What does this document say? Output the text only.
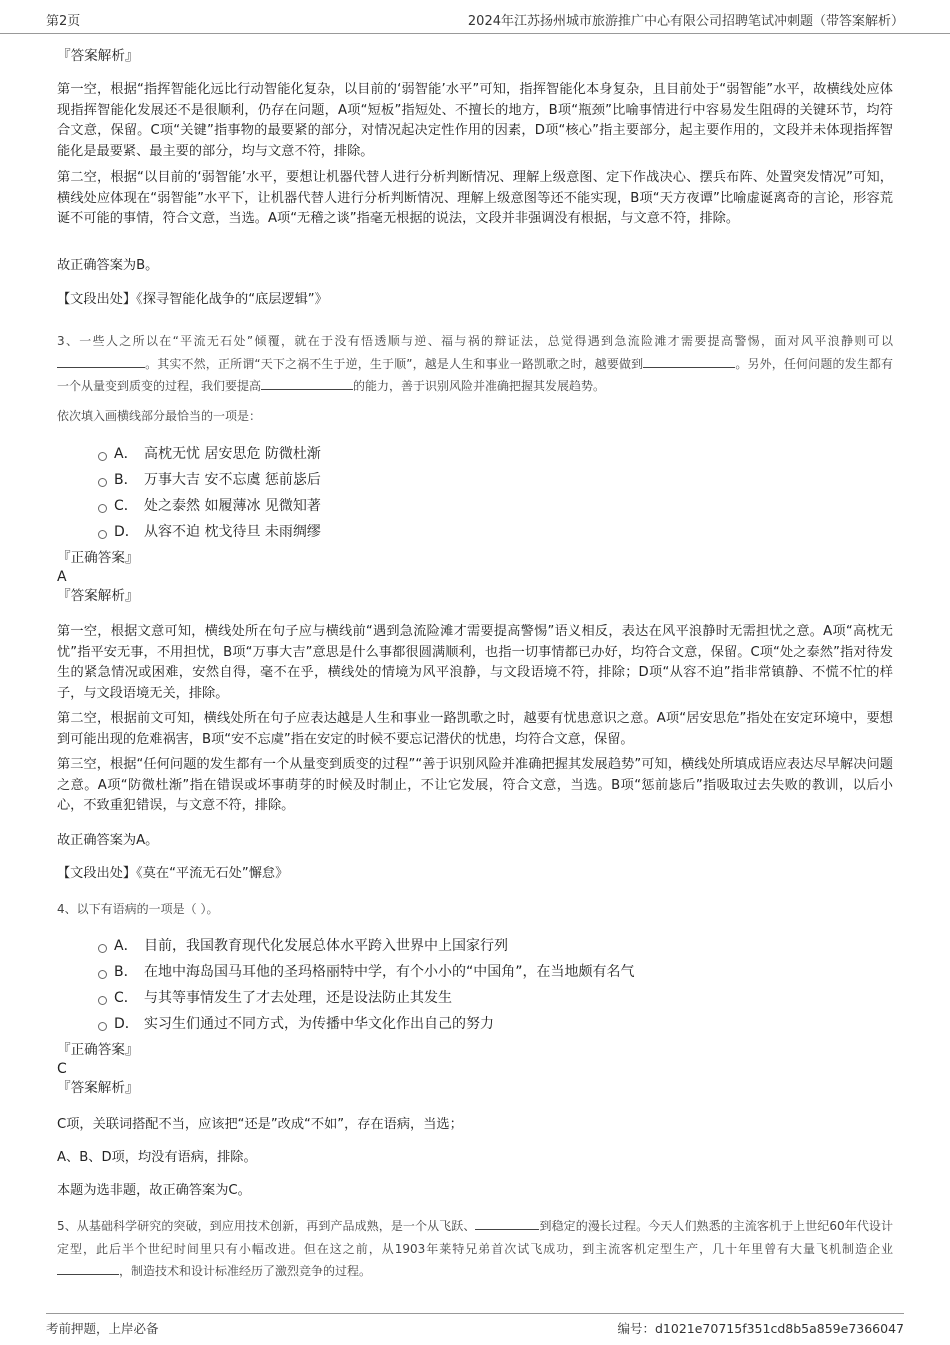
第2页	2024年江苏扬州城市旅游推广中心有限公司招聘笔试冲刺题（带答案解析）

『答案解析』

第一空，根据“指挥智能化远比行动智能化复杂，以目前的‘弱智能’水平”可知，指挥智能化本身复杂，且目前处于“弱智能”水平，故横线处应体现指挥智能化发展还不是很顺利，仍存在问题，A项“短板”指短处、不擅长的地方，B项“瓶颈”比喻事情进行中容易发生阻碍的关键环节，均符合文意，保留。C项“关键”指事物的最要紧的部分，对情况起决定性作用的因素，D项“核心”指主要部分，起主要作用的，文段并未体现指挥智能化是最要紧、最主要的部分，均与文意不符，排除。

第二空，根据“以目前的‘弱智能’水平，要想让机器代替人进行分析判断情况、理解上级意图、定下作战决心、摆兵布阵、处置突发情况”可知，横线处应体现在“弱智能”水平下，让机器代替人进行分析判断情况、理解上级意图等还不能实现，B项“天方夜谭”比喻虚诞离奇的言论，形容荒诞不可能的事情，符合文意，当选。A项“无稽之谈”指毫无根据的说法，文段并非强调没有根据，与文意不符，排除。

故正确答案为B。

【文段出处】《探寻智能化战争的“底层逻辑”》

3、一些人之所以在“平流无石处”倾覆，就在于没有悟透顺与逆、福与祸的辩证法，总觉得遇到急流险滩才需要提高警惕，面对风平浪静则可以。其实不然，正所谓“天下之祸不生于逆，生于顺”，越是人生和事业一路凯歌之时，越要做到	。另外，任何问题的发生都有一个从量变到质变的过程，我们要提高	的能力，善于识别风险并准确把握其发展趋势。

依次填入画横线部分最恰当的一项是：

A． 高枕无忧 居安思危 防微杜渐
B． 万事大吉 安不忘虞 惩前毖后
C． 处之泰然 如履薄冰 见微知著
D． 从容不迫 枕戈待旦 未雨绸缪

『正确答案』

A

『答案解析』

第一空，根据文意可知，横线处所在句子应与横线前“遇到急流险滩才需要提高警惕”语义相反，表达在风平浪静时无需担忧之意。A项“高枕无忧”指平安无事，不用担忧，B项“万事大吉”意思是什么事都很圆满顺利，也指一切事情都已办好，均符合文意，保留。C项“处之泰然”指对待发生的紧急情况或困难，安然自得，毫不在乎，横线处的情境为风平浪静，与文段语境不符，排除；D项“从容不迫”指非常镇静、不慌不忙的样子，与文段语境无关，排除。

第二空，根据前文可知，横线处所在句子应表达越是人生和事业一路凯歌之时，越要有忧患意识之意。A项“居安思危”指处在安定环境中，要想到可能出现的危难祸害，B项“安不忘虞”指在安定的时候不要忘记潜伏的忧患，均符合文意，保留。

第三空，根据“任何问题的发生都有一个从量变到质变的过程”“善于识别风险并准确把握其发展趋势”可知，横线处所填成语应表达尽早解决问题之意。A项“防微杜渐”指在错误或坏事萌芽的时候及时制止，不让它发展，符合文意，当选。B项“惩前毖后”指吸取过去失败的教训，以后小心，不致重犯错误，与文意不符，排除。

故正确答案为A。

【文段出处】《莫在“平流无石处”懈怠》

4、以下有语病的一项是（ ）。

A． 目前，我国教育现代化发展总体水平跨入世界中上国家行列
B． 在地中海岛国马耳他的圣玛格丽特中学，有个小小的“中国角”，在当地颇有名气
C． 与其等事情发生了才去处理，还是设法防止其发生
D． 实习生们通过不同方式，为传播中华文化作出自己的努力

『正确答案』

C

『答案解析』

C项，关联词搭配不当，应该把“还是”改成“不如”，存在语病，当选；

A、B、D项，均没有语病，排除。

本题为选非题，故正确答案为C。

5、从基础科学研究的突破，到应用技术创新，再到产品成熟，是一个从飞跃、	到稳定的漫长过程。今天人们熟悉的主流客机于上世纪60年代设计定型，此后半个世纪时间里只有小幅改进。但在这之前，从1903年莱特兄弟首次试飞成功，到主流客机定型生产，几十年里曾有大量飞机制造企业，制造技术和设计标准经历了激烈竞争的过程。

考前押题，上岸必备	编号：d1021e70715f351cd8b5a859e7366047
